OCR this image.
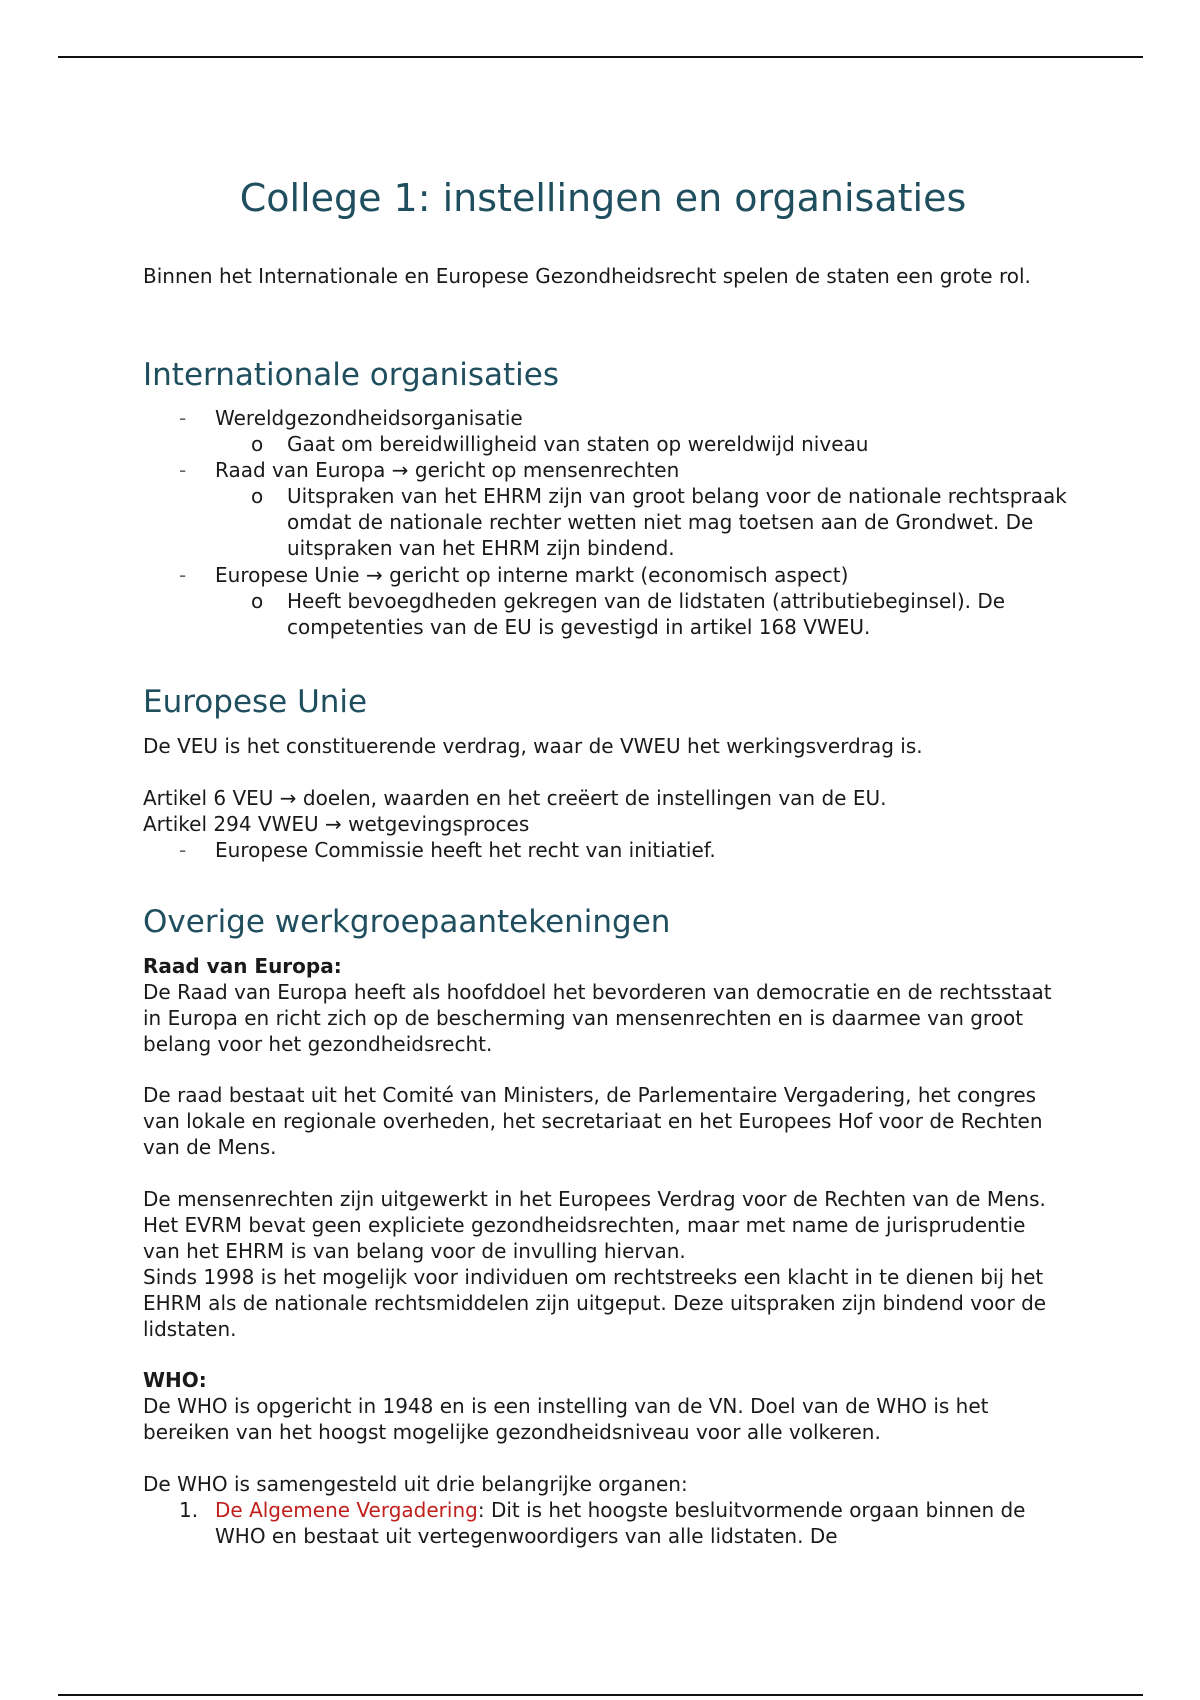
College 1: instellingen en organisaties

Binnen het Internationale en Europese Gezondheidsrecht spelen de staten een grote rol.

Internationale organisaties
-	Wereldgezondheidsorganisatie

o	Gaat om bereidwilligheid van staten op wereldwijd niveau

-	Raad van Europa → gericht op mensenrechten

o	Uitspraken van het EHRM zijn van groot belang voor de nationale rechtspraak omdat de nationale rechter wetten niet mag toetsen aan de Grondwet. De uitspraken van het EHRM zijn bindend.

-	Europese Unie → gericht op interne markt (economisch aspect)

o	Heeft bevoegdheden gekregen van de lidstaten (attributiebeginsel). De competenties van de EU is gevestigd in artikel 168 VWEU.

Europese Unie

De VEU is het constituerende verdrag, waar de VWEU het werkingsverdrag is.

Artikel 6 VEU → doelen, waarden en het creëert de instellingen van de EU.

Artikel 294 VWEU → wetgevingsproces

-	Europese Commissie heeft het recht van initiatief.

Overige werkgroepaantekeningen

Raad van Europa:

De Raad van Europa heeft als hoofddoel het bevorderen van democratie en de rechtsstaat in Europa en richt zich op de bescherming van mensenrechten en is daarmee van groot belang voor het gezondheidsrecht.

De raad bestaat uit het Comité van Ministers, de Parlementaire Vergadering, het congres van lokale en regionale overheden, het secretariaat en het Europees Hof voor de Rechten van de Mens.

De mensenrechten zijn uitgewerkt in het Europees Verdrag voor de Rechten van de Mens. Het EVRM bevat geen expliciete gezondheidsrechten, maar met name de jurisprudentie van het EHRM is van belang voor de invulling hiervan.

Sinds 1998 is het mogelijk voor individuen om rechtstreeks een klacht in te dienen bij het EHRM als de nationale rechtsmiddelen zijn uitgeput. Deze uitspraken zijn bindend voor de lidstaten.

WHO:

De WHO is opgericht in 1948 en is een instelling van de VN. Doel van de WHO is het bereiken van het hoogst mogelijke gezondheidsniveau voor alle volkeren.

De WHO is samengesteld uit drie belangrijke organen:

1. De Algemene Vergadering: Dit is het hoogste besluitvormende orgaan binnen de WHO en bestaat uit vertegenwoordigers van alle lidstaten. De
